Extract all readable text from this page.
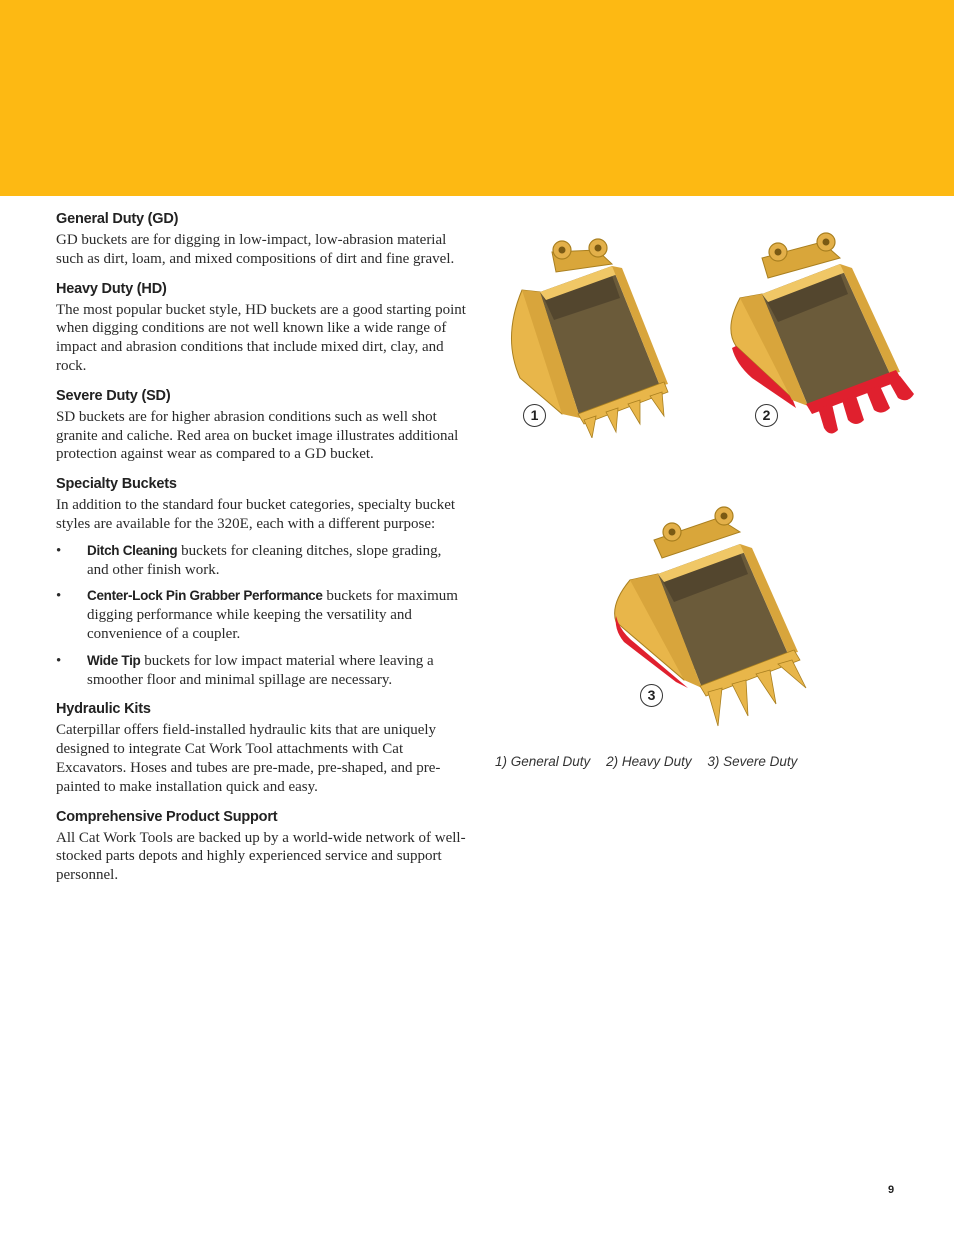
General Duty (GD)

GD buckets are for digging in low-impact, low-abrasion material such as dirt, loam, and mixed compositions of dirt and fine gravel.

Heavy Duty (HD)

The most popular bucket style, HD buckets are a good starting point when digging conditions are not well known like a wide range of impact and abrasion conditions that include mixed dirt, clay, and rock.

Severe Duty (SD)

SD buckets are for higher abrasion conditions such as well shot granite and caliche. Red area on bucket image illustrates additional protection against wear as compared to a GD bucket.

Specialty Buckets

In addition to the standard four bucket categories, specialty bucket styles are available for the 320E, each with a different purpose:

• Ditch Cleaning buckets for cleaning ditches, slope grading, and other finish work.
• Center-Lock Pin Grabber Performance buckets for maximum digging performance while keeping the versatility and convenience of a coupler.
• Wide Tip buckets for low impact material where leaving a smoother floor and minimal spillage are necessary.
Hydraulic Kits

Caterpillar offers field-installed hydraulic kits that are uniquely designed to integrate Cat Work Tool attachments with Cat Excavators. Hoses and tubes are pre-made, pre-shaped, and pre-painted to make installation quick and easy.

Comprehensive Product Support

All Cat Work Tools are backed up by a world-wide network of well-stocked parts depots and highly experienced service and support personnel.

1	2
3
1) General Duty 2) Heavy Duty 3) Severe Duty
9
